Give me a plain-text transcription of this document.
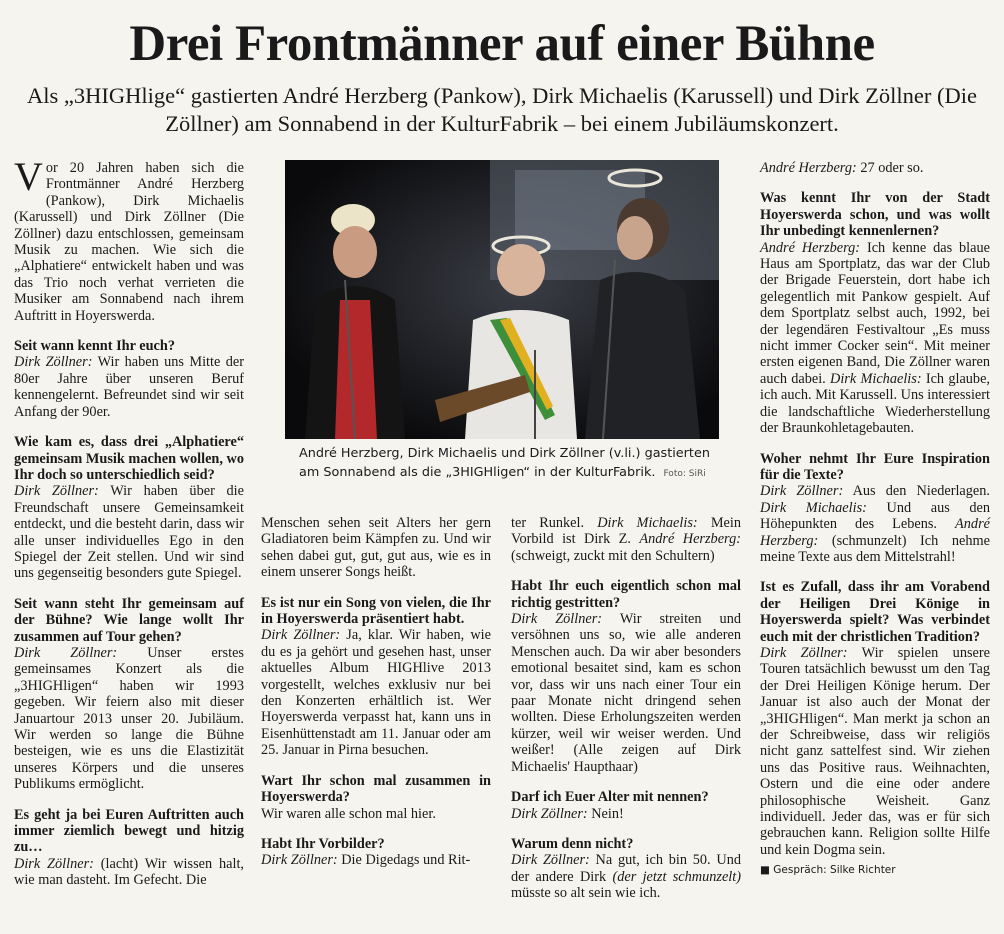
Drei Frontmänner auf einer Bühne
Als „3HIGHlige“ gastierten André Herzberg (Pankow), Dirk Michaelis (Karussell) und Dirk Zöllner (Die Zöllner) am Sonnabend in der KulturFabrik – bei einem Jubiläumskonzert.

Vor 20 Jahren haben sich die Frontmänner André Herzberg (Pankow), Dirk Michaelis (Karussell) und Dirk Zöllner (Die Zöllner) dazu entschlossen, gemeinsam Musik zu machen. Wie sich die „Alphatiere“ entwickelt haben und was das Trio noch verhat verrieten die Musiker am Sonnabend nach ihrem Auftritt in Hoyerswerda.

Seit wann kennt Ihr euch?

Dirk Zöllner: Wir haben uns Mitte der 80er Jahre über unseren Beruf kennengelernt. Befreundet sind wir seit Anfang der 90er.

Wie kam es, dass drei „Alphatiere“ gemeinsam Musik machen wollen, wo Ihr doch so unterschiedlich seid?

Dirk Zöllner: Wir haben über die Freundschaft unsere Gemeinsamkeit entdeckt, und die besteht darin, dass wir alle unser individuelles Ego in den Spiegel der Zeit stellen. Und wir sind uns gegenseitig besonders gute Spiegel.

Seit wann steht Ihr gemeinsam auf der Bühne? Wie lange wollt Ihr zusammen auf Tour gehen?

Dirk Zöllner: Unser erstes gemeinsames Konzert als die „3HIGHligen“ haben wir 1993 gegeben. Wir feiern also mit dieser Januartour 2013 unser 20. Jubiläum. Wir werden so lange die Bühne besteigen, wie es uns die Elastizität unseres Körpers und die unseres Publikums ermöglicht.

Es geht ja bei Euren Auftritten auch immer ziemlich bewegt und hitzig zu…

Dirk Zöllner: (lacht) Wir wissen halt, wie man dasteht. Im Gefecht. Die

André Herzberg, Dirk Michaelis und Dirk Zöllner (v.li.) gastierten am Sonnabend als die „3HIGHligen“ in der KulturFabrik. Foto: SiRi

Menschen sehen seit Alters her gern Gladiatoren beim Kämpfen zu. Und wir sehen dabei gut, gut, gut aus, wie es in einem unserer Songs heißt.

Es ist nur ein Song von vielen, die Ihr in Hoyerswerda präsentiert habt.

Dirk Zöllner: Ja, klar. Wir haben, wie du es ja gehört und gesehen hast, unser aktuelles Album HIGHlive 2013 vorgestellt, welches exklusiv nur bei den Konzerten erhältlich ist. Wer Hoyerswerda verpasst hat, kann uns in Eisenhüttenstadt am 11. Januar oder am 25. Januar in Pirna besuchen.

Wart Ihr schon mal zusammen in Hoyerswerda?

Wir waren alle schon mal hier.

Habt Ihr Vorbilder?

Dirk Zöllner: Die Digedags und Rit-

ter Runkel. Dirk Michaelis: Mein Vorbild ist Dirk Z. André Herzberg: (schweigt, zuckt mit den Schultern)

Habt Ihr euch eigentlich schon mal richtig gestritten?

Dirk Zöllner: Wir streiten und versöhnen uns so, wie alle anderen Menschen auch. Da wir aber besonders emotional besaitet sind, kam es schon vor, dass wir uns nach einer Tour ein paar Monate nicht dringend sehen wollten. Diese Erholungszeiten werden kürzer, weil wir weiser werden. Und weißer! (Alle zeigen auf Dirk Michaelis' Haupthaar)

Darf ich Euer Alter mit nennen?

Dirk Zöllner: Nein!

Warum denn nicht?

Dirk Zöllner: Na gut, ich bin 50. Und der andere Dirk (der jetzt schmunzelt) müsste so alt sein wie ich.

André Herzberg: 27 oder so.

Was kennt Ihr von der Stadt Hoyerswerda schon, und was wollt Ihr unbedingt kennenlernen?

André Herzberg: Ich kenne das blaue Haus am Sportplatz, das war der Club der Brigade Feuerstein, dort habe ich gelegentlich mit Pankow gespielt. Auf dem Sportplatz selbst auch, 1992, bei der legendären Festivaltour „Es muss nicht immer Cocker sein“. Mit meiner ersten eigenen Band, Die Zöllner waren auch dabei. Dirk Michaelis: Ich glaube, ich auch. Mit Karussell. Uns interessiert die landschaftliche Wiederherstellung der Braunkohletagebauten.

Woher nehmt Ihr Eure Inspiration für die Texte?

Dirk Zöllner: Aus den Niederlagen. Dirk Michaelis: Und aus den Höhepunkten des Lebens. André Herzberg: (schmunzelt) Ich nehme meine Texte aus dem Mittelstrahl!

Ist es Zufall, dass ihr am Vorabend der Heiligen Drei Könige in Hoyerswerda spielt? Was verbindet euch mit der christlichen Tradition?

Dirk Zöllner: Wir spielen unsere Touren tatsächlich bewusst um den Tag der Drei Heiligen Könige herum. Der Januar ist also auch der Monat der „3HIGHligen“. Man merkt ja schon an der Schreibweise, dass wir religiös nicht ganz sattelfest sind. Wir ziehen uns das Positive raus. Weihnachten, Ostern und die eine oder andere philosophische Weisheit. Ganz individuell. Jeder das, was er für sich gebrauchen kann. Religion sollte Hilfe und kein Dogma sein.

■ Gespräch: Silke Richter
